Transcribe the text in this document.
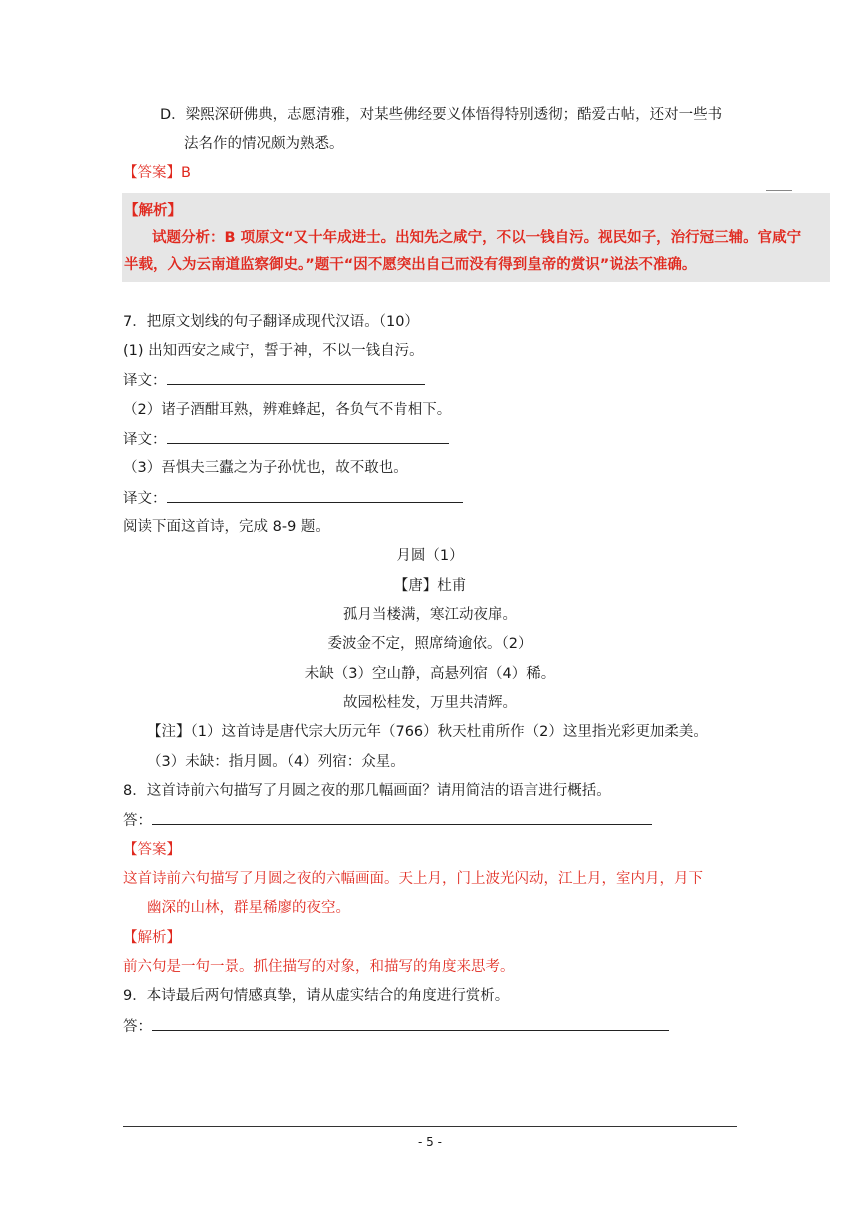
D．梁熙深研佛典，志愿清雅，对某些佛经要义体悟得特别透彻；酷爱古帖，还对一些书
法名作的情况颇为熟悉。
【答案】B
【解析】
试题分析：B 项原文“又十年成进士。出知先之咸宁，不以一钱自污。视民如子，治行冠三辅。官咸宁
半载，入为云南道监察御史。”题干“因不愿突出自己而没有得到皇帝的赏识”说法不准确。
7．把原文划线的句子翻译成现代汉语。（10）
(1) 出知西安之咸宁，誓于神，不以一钱自污。
译文：
（2）诸子酒酣耳熟，辨难蜂起，各负气不肯相下。
译文：
（3）吾惧夫三蠹之为子孙忧也，故不敢也。
译文：
阅读下面这首诗，完成 8-9 题。
月圆（1）
【唐】杜甫
孤月当楼满，寒江动夜扉。
委波金不定，照席绮逾依。（2）
未缺（3）空山静，高悬列宿（4）稀。
故园松桂发，万里共清辉。
【注】（1）这首诗是唐代宗大历元年（766）秋天杜甫所作（2）这里指光彩更加柔美。
（3）未缺：指月圆。（4）列宿：众星。
8．这首诗前六句描写了月圆之夜的那几幅画面？请用简洁的语言进行概括。
答：
【答案】
这首诗前六句描写了月圆之夜的六幅画面。天上月，门上波光闪动，江上月，室内月，月下
幽深的山林，群星稀廖的夜空。
【解析】
前六句是一句一景。抓住描写的对象，和描写的角度来思考。
9．本诗最后两句情感真挚，请从虚实结合的角度进行赏析。
答：
- 5 -
